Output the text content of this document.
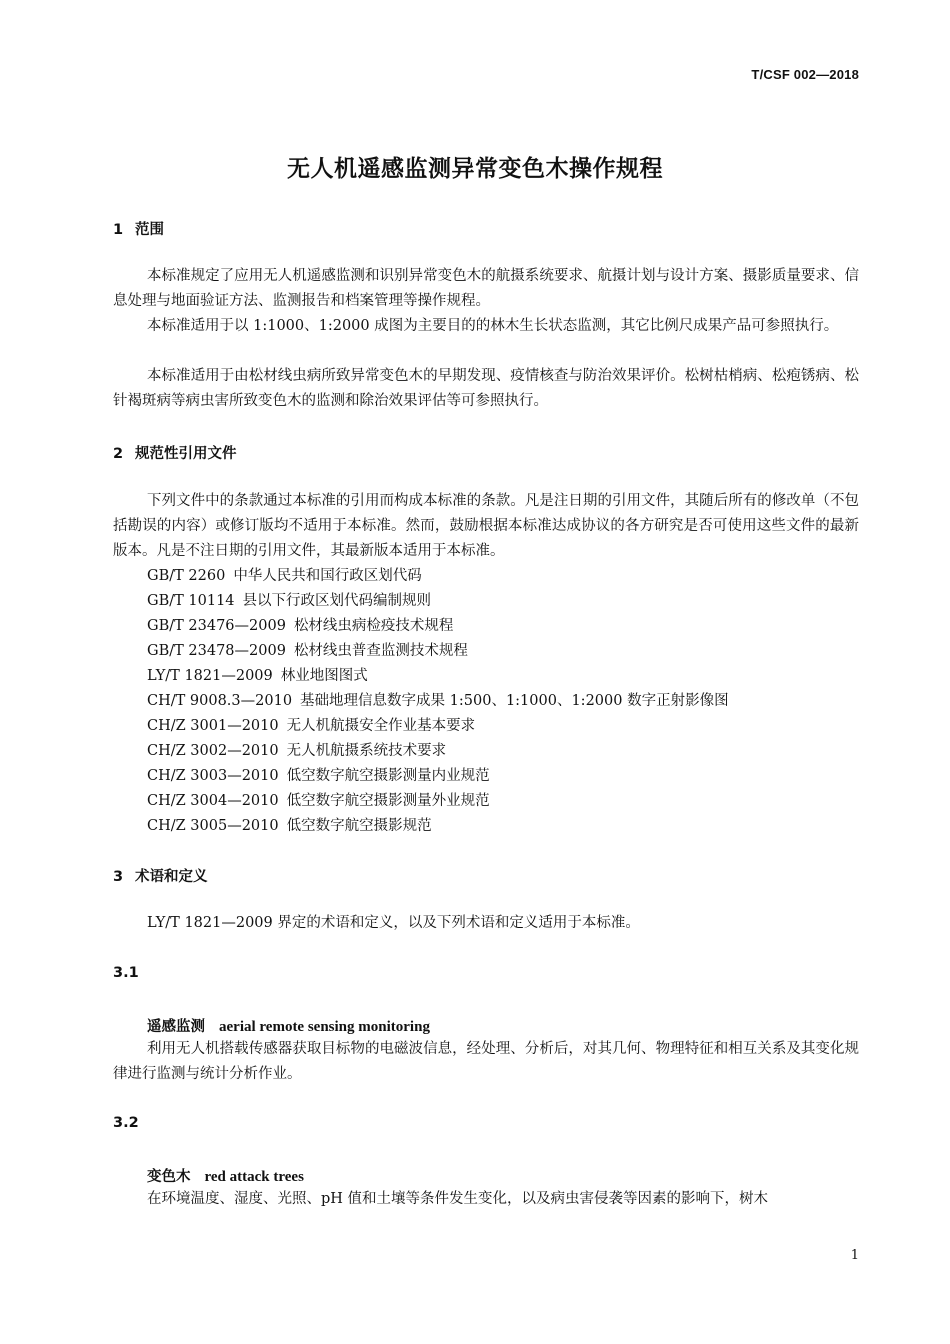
T/CSF 002—2018
无人机遥感监测异常变色木操作规程
1 范围

本标准规定了应用无人机遥感监测和识别异常变色木的航摄系统要求、航摄计划与设计方案、摄影质量要求、信息处理与地面验证方法、监测报告和档案管理等操作规程。

本标准适用于以 1:1000、1:2000 成图为主要目的的林木生长状态监测，其它比例尺成果产品可参照执行。

本标准适用于由松材线虫病所致异常变色木的早期发现、疫情核查与防治效果评价。松树枯梢病、松疱锈病、松针褐斑病等病虫害所致变色木的监测和除治效果评估等可参照执行。

2 规范性引用文件

下列文件中的条款通过本标准的引用而构成本标准的条款。凡是注日期的引用文件，其随后所有的修改单（不包括勘误的内容）或修订版均不适用于本标准。然而，鼓励根据本标准达成协议的各方研究是否可使用这些文件的最新版本。凡是不注日期的引用文件，其最新版本适用于本标准。

GB/T 2260 中华人民共和国行政区划代码
GB/T 10114 县以下行政区划代码编制规则
GB/T 23476—2009 松材线虫病检疫技术规程
GB/T 23478—2009 松材线虫普查监测技术规程
LY/T 1821—2009 林业地图图式
CH/T 9008.3—2010 基础地理信息数字成果 1:500、1:1000、1:2000 数字正射影像图
CH/Z 3001—2010 无人机航摄安全作业基本要求
CH/Z 3002—2010 无人机航摄系统技术要求
CH/Z 3003—2010 低空数字航空摄影测量内业规范
CH/Z 3004—2010 低空数字航空摄影测量外业规范
CH/Z 3005—2010 低空数字航空摄影规范
3 术语和定义

LY/T 1821—2009 界定的术语和定义，以及下列术语和定义适用于本标准。

3.1
遥感监测 aerial remote sensing monitoring

利用无人机搭载传感器获取目标物的电磁波信息，经处理、分析后，对其几何、物理特征和相互关系及其变化规律进行监测与统计分析作业。

3.2
变色木 red attack trees

在环境温度、湿度、光照、pH 值和土壤等条件发生变化，以及病虫害侵袭等因素的影响下，树木

1
